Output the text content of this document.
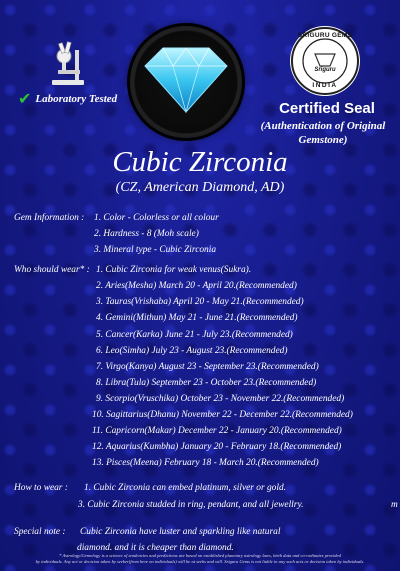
✔ Laboratory Tested
SRIGURU GEMS
Sriguru
INDIA
Certified Seal
(Authentication of Original Gemstone)
Cubic Zirconia
(CZ, American Diamond, AD)
Gem Information : 1. Color - Colorless or all colour
2. Hardness - 8 (Moh scale)
3. Mineral type - Cubic Zirconia
Who should wear* : 1. Cubic Zirconia for weak venus(Sukra).
2. Aries(Mesha) March 20 - April 20.(Recommended)
3. Tauras(Vrishaba) April 20 - May 21.(Recommended)
4. Gemini(Mithun) May 21 - June 21.(Recommended)
5. Cancer(Karka) June 21 - July 23.(Recommended)
6. Leo(Simha) July 23 - August 23.(Recommended)
7. Virgo(Kanya) August 23 - September 23.(Recommended)
8. Libra(Tula) September 23 - October 23.(Recommended)
9. Scorpio(Vruschika) October 23 - November 22.(Recommended)
10. Sagittarius(Dhanu) November 22 - December 22.(Recommended)
11. Capricorn(Makar) December 22 - January 20.(Recommended)
12. Aquarius(Kumbha) January 20 - February 18.(Recommended)
13. Pisces(Meena) February 18 - March 20.(Recommended)
How to wear : 1. Cubic Zirconia can embed platinum, silver or gold.
3. Cubic Zirconia studded in ring, pendant, and all jewellry.	m
Special note : Cubic Zirconia have luster and sparkling like natural
diamond. and it is cheaper than diamond.
* Astrology/Gemology is a science of tendencies and predictions are based on established planetary astrology laws, birth data and co-ordinates provided
by individuals. Any act or decision taken by seeker(from here on individuals) will be at seeks and will. Sriguru Gems is not liable to any such acts or decision taken by individuals.
